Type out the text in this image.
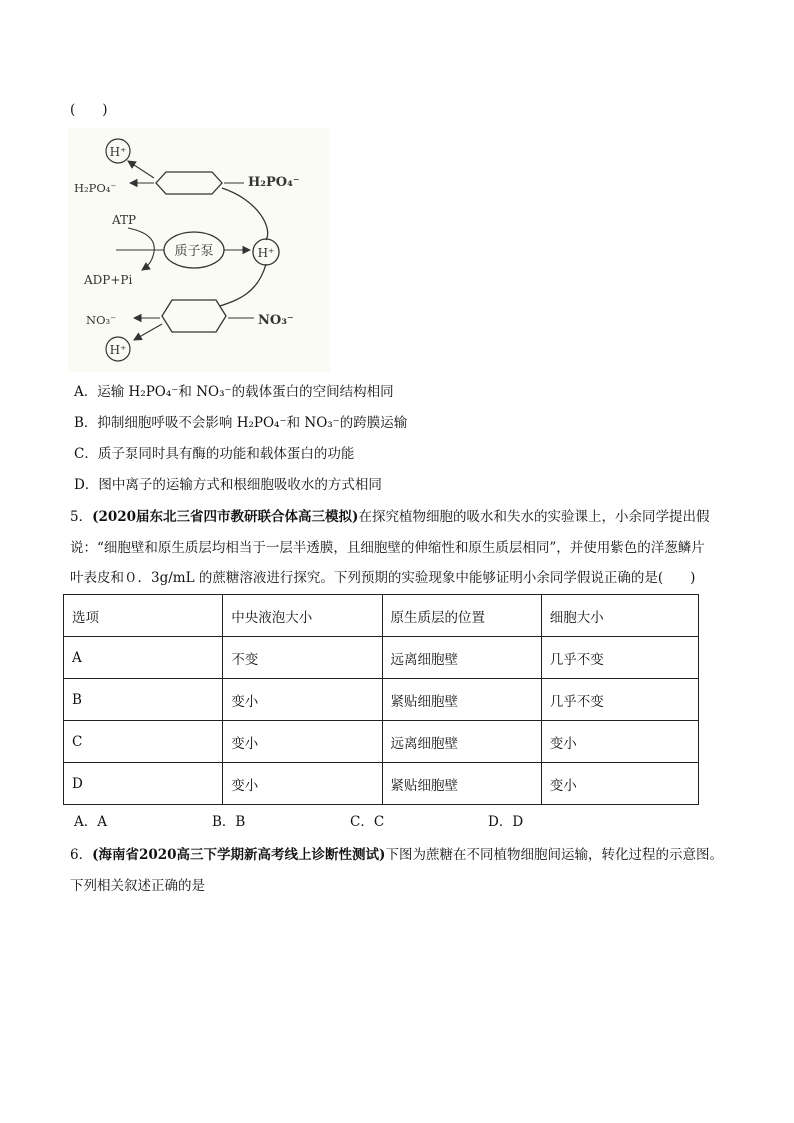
(　　)
H⁺
H₂PO₄⁻	H₂PO₄⁻
ATP
ADP+Pi
质子泵	H⁺
NO₃⁻	NO₃⁻
H⁺
A．运输 H₂PO₄⁻和 NO₃⁻的载体蛋白的空间结构相同
B．抑制细胞呼吸不会影响 H₂PO₄⁻和 NO₃⁻的跨膜运输
C．质子泵同时具有酶的功能和载体蛋白的功能
D．图中离子的运输方式和根细胞吸收水的方式相同
5．(2020届东北三省四市教研联合体高三模拟)在探究植物细胞的吸水和失水的实验课上，小余同学提出假
说：“细胞壁和原生质层均相当于一层半透膜，且细胞壁的伸缩性和原生质层相同”，并使用紫色的洋葱鳞片
叶表皮和０．3g/mL 的蔗糖溶液进行探究。下列预期的实验现象中能够证明小余同学假说正确的是(　　)
选项	中央液泡大小	原生质层的位置	细胞大小
A	不变	远离细胞壁	几乎不变
B	变小	紧贴细胞壁	几乎不变
C	变小	远离细胞壁	变小
D	变小	紧贴细胞壁	变小
A．A	B．B	C．C	D．D
6．(海南省2020高三下学期新高考线上诊断性测试)下图为蔗糖在不同植物细胞间运输，转化过程的示意图。
下列相关叙述正确的是
